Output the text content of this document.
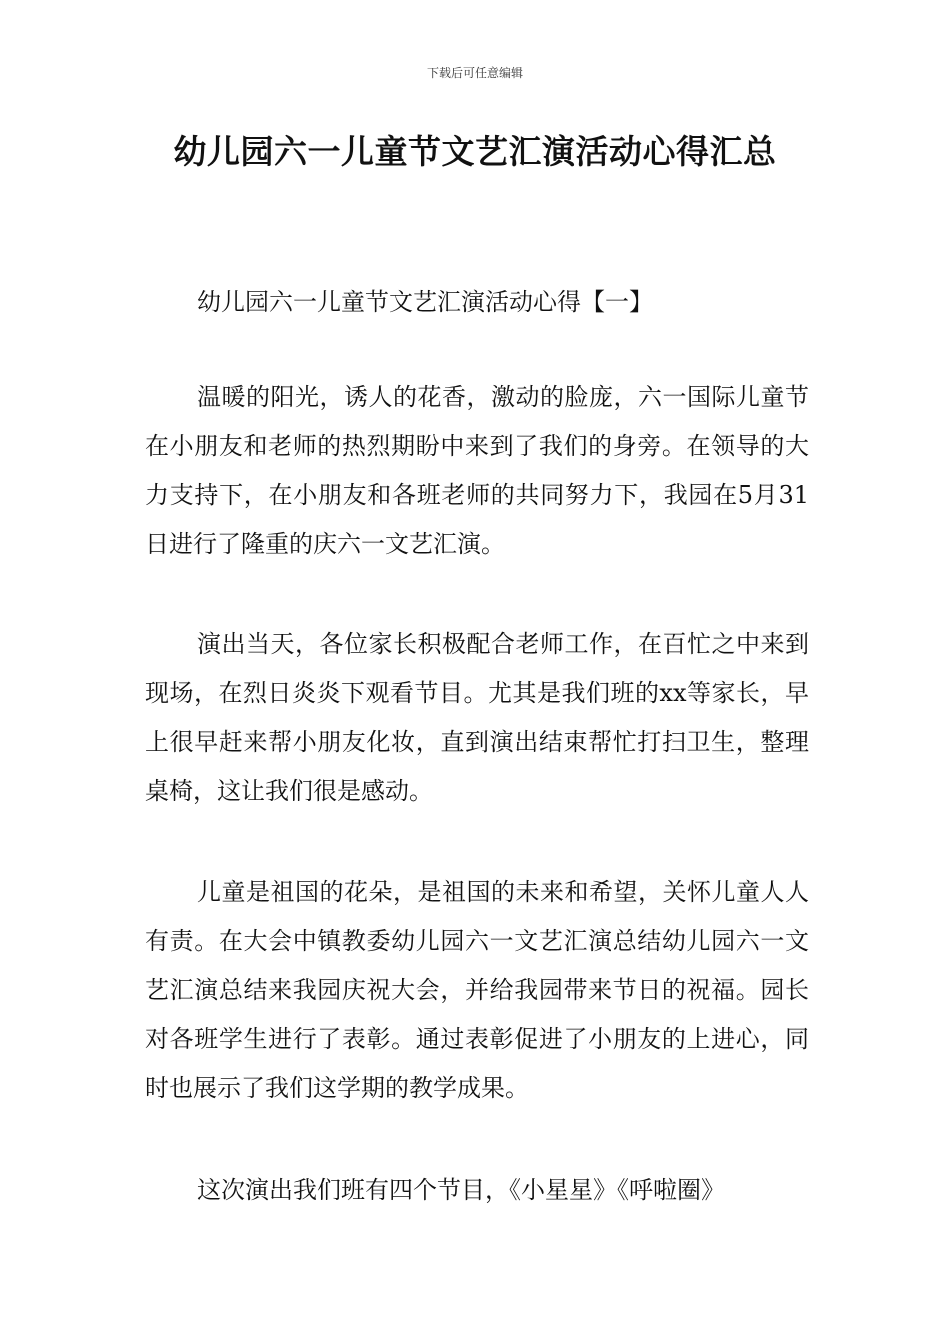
下载后可任意编辑
幼儿园六一儿童节文艺汇演活动心得汇总
幼儿园六一儿童节文艺汇演活动心得【一】

温暖的阳光，诱人的花香，激动的脸庞，六一国际儿童节在小朋友和老师的热烈期盼中来到了我们的身旁。在领导的大力支持下，在小朋友和各班老师的共同努力下，我园在5月31日进行了隆重的庆六一文艺汇演。

演出当天，各位家长积极配合老师工作，在百忙之中来到现场，在烈日炎炎下观看节目。尤其是我们班的xx等家长，早上很早赶来帮小朋友化妆，直到演出结束帮忙打扫卫生，整理桌椅，这让我们很是感动。

儿童是祖国的花朵，是祖国的未来和希望，关怀儿童人人有责。在大会中镇教委幼儿园六一文艺汇演总结幼儿园六一文艺汇演总结来我园庆祝大会，并给我园带来节日的祝福。园长对各班学生进行了表彰。通过表彰促进了小朋友的上进心，同时也展示了我们这学期的教学成果。

这次演出我们班有四个节目，《小星星》《呼啦圈》
